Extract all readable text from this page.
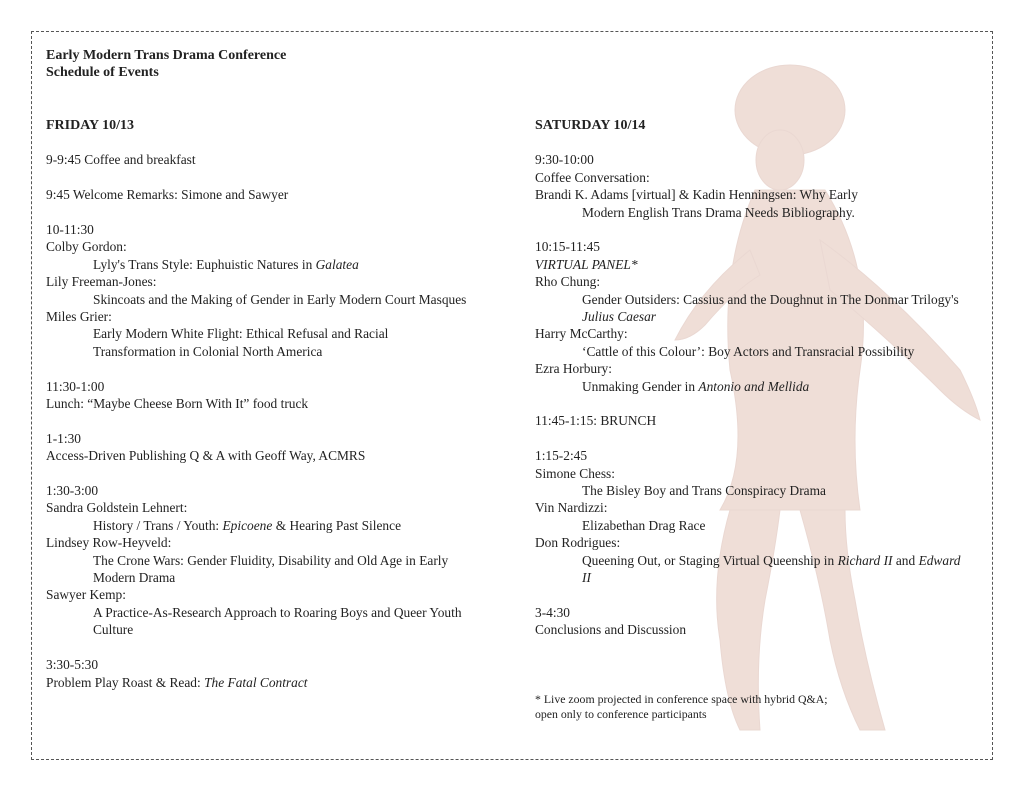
Early Modern Trans Drama Conference
Schedule of Events
FRIDAY 10/13
9-9:45 Coffee and breakfast
9:45 Welcome Remarks: Simone and Sawyer
10-11:30
Colby Gordon:
Lyly's Trans Style: Euphuistic Natures in Galatea
Lily Freeman-Jones:
Skincoats and the Making of Gender in Early Modern Court Masques
Miles Grier:
Early Modern White Flight: Ethical Refusal and Racial Transformation in Colonial North America
11:30-1:00
Lunch: “Maybe Cheese Born With It” food truck
1-1:30
Access-Driven Publishing Q & A with Geoff Way, ACMRS
1:30-3:00
Sandra Goldstein Lehnert:
History / Trans / Youth: Epicoene & Hearing Past Silence
Lindsey Row-Heyveld:
The Crone Wars: Gender Fluidity, Disability and Old Age in Early Modern Drama
Sawyer Kemp:
A Practice-As-Research Approach to Roaring Boys and Queer Youth Culture
3:30-5:30
Problem Play Roast & Read: The Fatal Contract
SATURDAY 10/14
9:30-10:00
Coffee Conversation:
Brandi K. Adams [virtual] & Kadin Henningsen: Why Early
Modern English Trans Drama Needs Bibliography.
10:15-11:45
VIRTUAL PANEL*
Rho Chung:
Gender Outsiders: Cassius and the Doughnut in The Donmar Trilogy's Julius Caesar
Harry McCarthy:
‘Cattle of this Colour’: Boy Actors and Transracial Possibility
Ezra Horbury:
Unmaking Gender in Antonio and Mellida
11:45-1:15: BRUNCH
1:15-2:45
Simone Chess:
The Bisley Boy and Trans Conspiracy Drama
Vin Nardizzi:
Elizabethan Drag Race
Don Rodrigues:
Queening Out, or Staging Virtual Queenship in Richard II and Edward II
3-4:30
Conclusions and Discussion
* Live zoom projected in conference space with hybrid Q&A;
open only to conference participants
